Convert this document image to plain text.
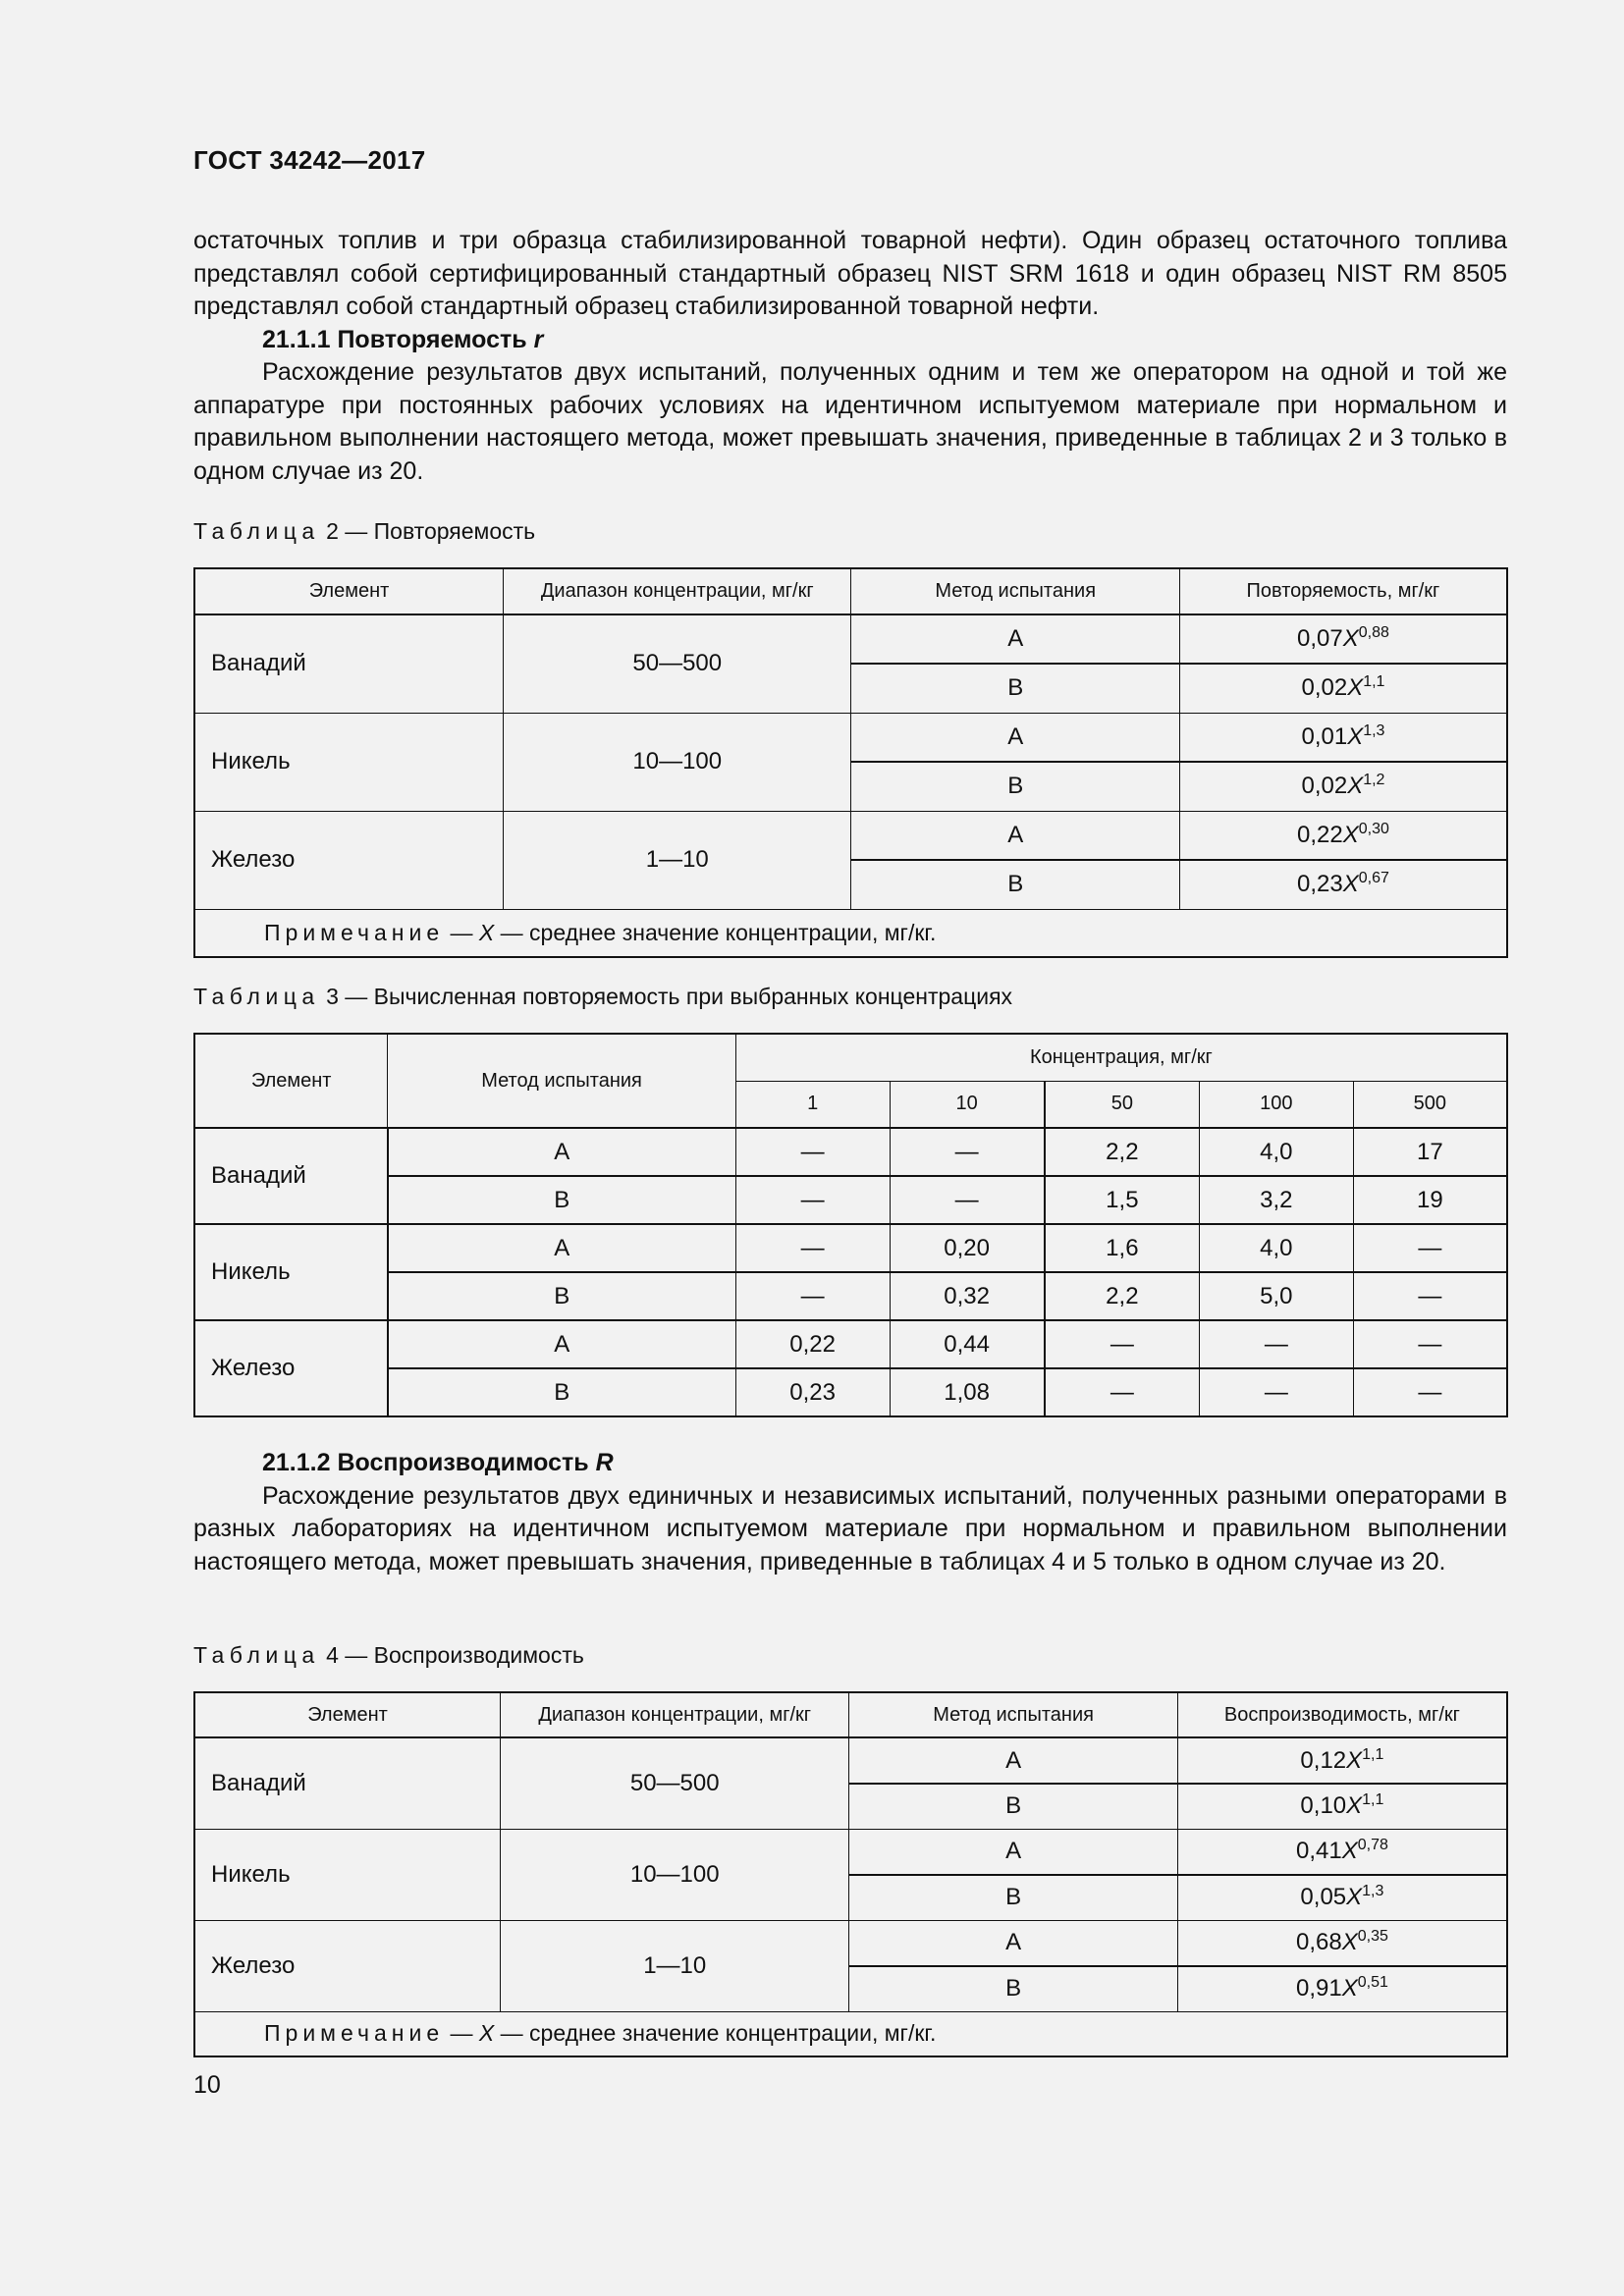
ГОСТ 34242—2017

остаточных топлив и три образца стабилизированной товарной нефти). Один образец остаточного топлива представлял собой сертифицированный стандартный образец NIST SRM 1618 и один образец NIST RM 8505 представлял собой стандартный образец стабилизированной товарной нефти.

21.1.1 Повторяемость r

Расхождение результатов двух испытаний, полученных одним и тем же оператором на одной и той же аппаратуре при постоянных рабочих условиях на идентичном испытуемом материале при нормальном и правильном выполнении настоящего метода, может превышать значения, приведенные в таблицах 2 и 3 только в одном случае из 20.

Таблица 2 — Повторяемость
Элемент	Диапазон концентрации, мг/кг	Метод испытания	Повторяемость, мг/кг
Ванадий	50—500	A	$0,07X^{0,88}$
		B	$0,02X^{1,1}$
Никель	10—100	A	$0,01X^{1,3}$
		B	$0,02X^{1,2}$
Железо	1—10	A	$0,22X^{0,30}$
		B	$0,23X^{0,67}$
Примечание — X — среднее значение концентрации, мг/кг.			
Таблица 3 — Вычисленная повторяемость при выбранных концентрациях
Элемент	Метод испытания	Концентрация, мг/кг				
		1	10	50	100	500
Ванадий	A	—	—	2,2	4,0	17
	B	—	—	1,5	3,2	19
Никель	A	—	0,20	1,6	4,0	—
	B	—	0,32	2,2	5,0	—
Железо	A	0,22	0,44	—	—	—
	B	0,23	1,08	—	—	—

21.1.2 Воспроизводимость R

Расхождение результатов двух единичных и независимых испытаний, полученных разными операторами в разных лабораториях на идентичном испытуемом материале при нормальном и правильном выполнении настоящего метода, может превышать значения, приведенные в таблицах 4 и 5 только в одном случае из 20.

Таблица 4 — Воспроизводимость
Элемент	Диапазон концентрации, мг/кг	Метод испытания	Воспроизводимость, мг/кг
Ванадий	50—500	A	$0,12X^{1,1}$
		B	$0,10X^{1,1}$
Никель	10—100	A	$0,41X^{0,78}$
		B	$0,05X^{1,3}$
Железо	1—10	A	$0,68X^{0,35}$
		B	$0,91X^{0,51}$
Примечание — X — среднее значение концентрации, мг/кг.			
10
